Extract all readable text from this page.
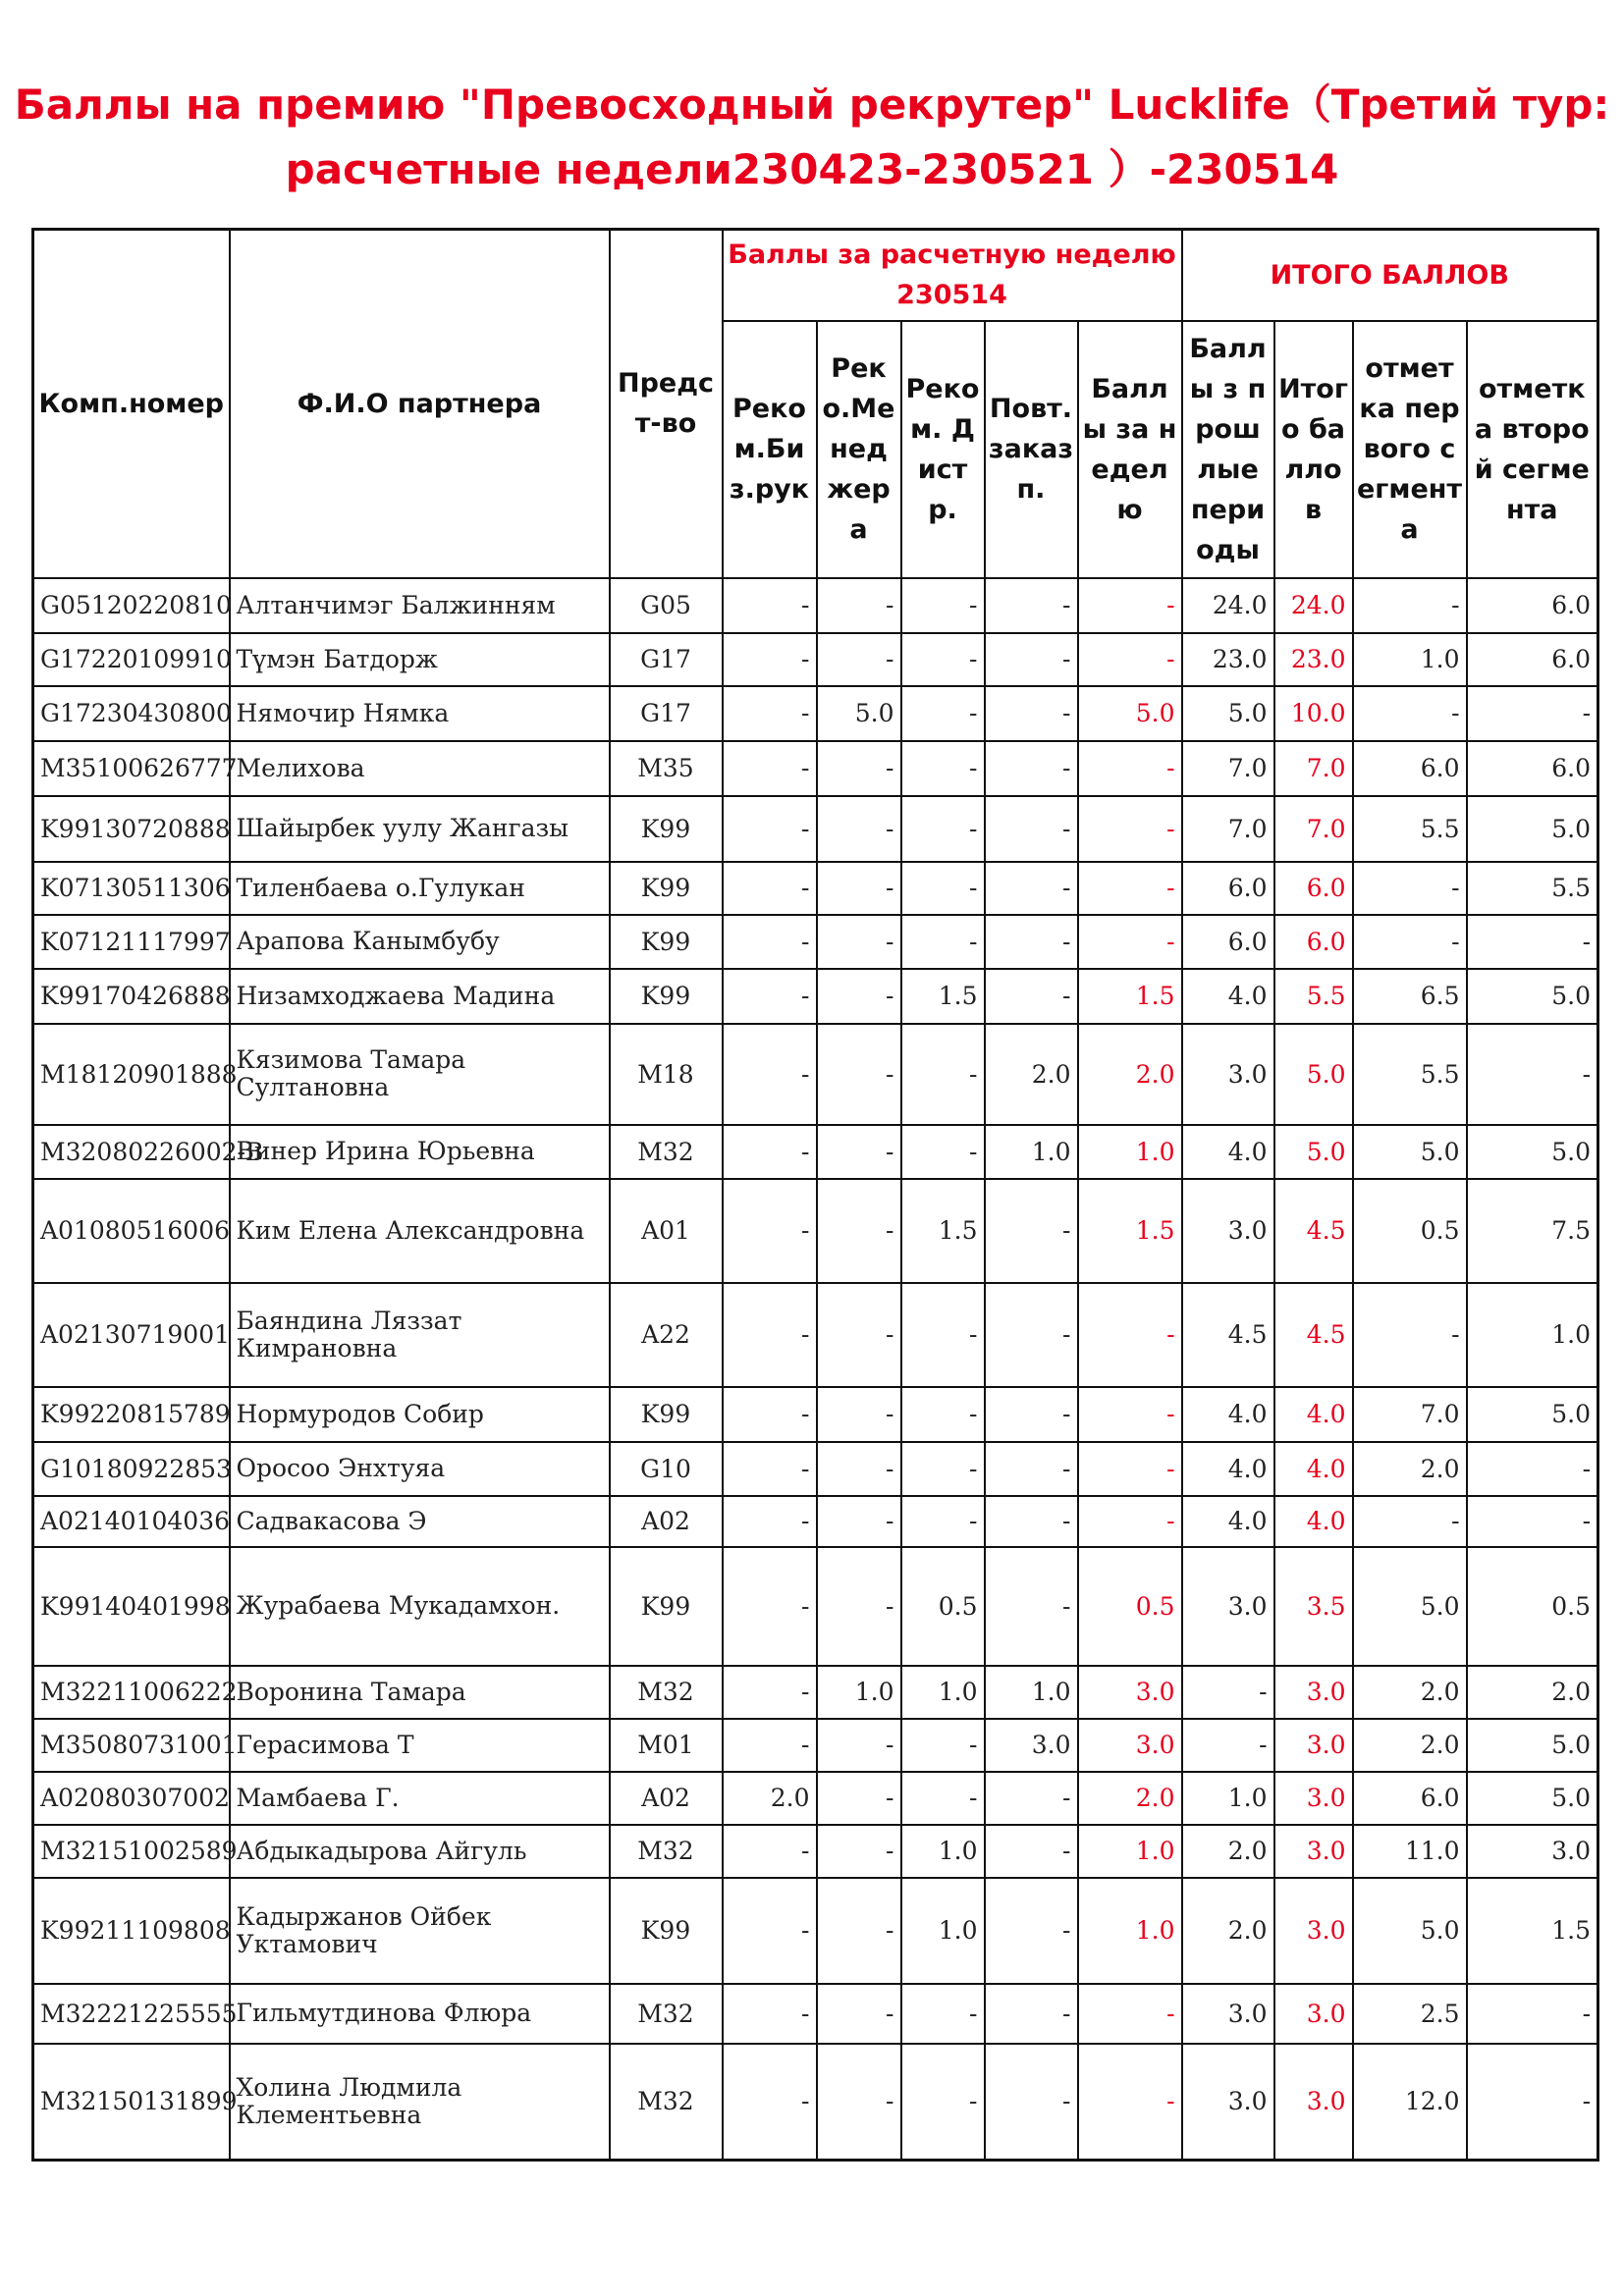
Баллы на премию "Превосходный рекрутер" Lucklife（Третий тур:
расчетные недели230423-230521 ）-230514
Комп.номер	Ф.И.О партнера	Предст-во	Баллы за расчетную неделю 230514					ИТОГО БАЛЛОВ			
			Реком.Биз.рук	Реко.Менеджера	Реком. Дистр.	Повт.заказ п.	Баллы за неделю	Баллы з прошлые периоды	Итого баллов	отметка первого сегмента	отметка второй сегмента
G05120220810	Алтанчимэг Балжинням	G05	-	-	-	-	-	24.0	24.0	-	6.0
G17220109910	Түмэн Батдорж	G17	-	-	-	-	-	23.0	23.0	1.0	6.0
G17230430800	Нямочир Нямка	G17	-	5.0	-	-	5.0	5.0	10.0	-	-
M35100626777	Мелихова	M35	-	-	-	-	-	7.0	7.0	6.0	6.0
K99130720888	Шайырбек уулу Жангазы	K99	-	-	-	-	-	7.0	7.0	5.5	5.0
K07130511306	Тиленбаева о.Гулукан	K99	-	-	-	-	-	6.0	6.0	-	5.5
K07121117997	Арапова Канымбубу	K99	-	-	-	-	-	6.0	6.0	-	-
K99170426888	Низамходжаева Мадина	K99	-	-	1.5	-	1.5	4.0	5.5	6.5	5.0
M18120901888	Кязимова Тамара Султановна	M18	-	-	-	2.0	2.0	3.0	5.0	5.5	-
M32080226002-B	Винер Ирина Юрьевна	M32	-	-	-	1.0	1.0	4.0	5.0	5.0	5.0
A01080516006	Ким Елена Александровна	A01	-	-	1.5	-	1.5	3.0	4.5	0.5	7.5
A02130719001	Баяндина Ляззат Кимрановна	A22	-	-	-	-	-	4.5	4.5	-	1.0
K99220815789	Нормуродов Собир	K99	-	-	-	-	-	4.0	4.0	7.0	5.0
G10180922853	Оросоо Энхтуяа	G10	-	-	-	-	-	4.0	4.0	2.0	-
A02140104036	Садвакасова Э	A02	-	-	-	-	-	4.0	4.0	-	-
K99140401998	Журабаева Мукадамхон.	K99	-	-	0.5	-	0.5	3.0	3.5	5.0	0.5
M32211006222	Воронина Тамара	M32	-	1.0	1.0	1.0	3.0	-	3.0	2.0	2.0
M35080731001	Герасимова Т	M01	-	-	-	3.0	3.0	-	3.0	2.0	5.0
A02080307002	Мамбаева Г.	A02	2.0	-	-	-	2.0	1.0	3.0	6.0	5.0
M32151002589	Абдыкадырова Айгуль	M32	-	-	1.0	-	1.0	2.0	3.0	11.0	3.0
K99211109808	Кадыржанов Ойбек Уктамович	K99	-	-	1.0	-	1.0	2.0	3.0	5.0	1.5
M32221225555	Гильмутдинова Флюра	M32	-	-	-	-	-	3.0	3.0	2.5	-
M32150131899	Холина Людмила Клементьевна	M32	-	-	-	-	-	3.0	3.0	12.0	-
